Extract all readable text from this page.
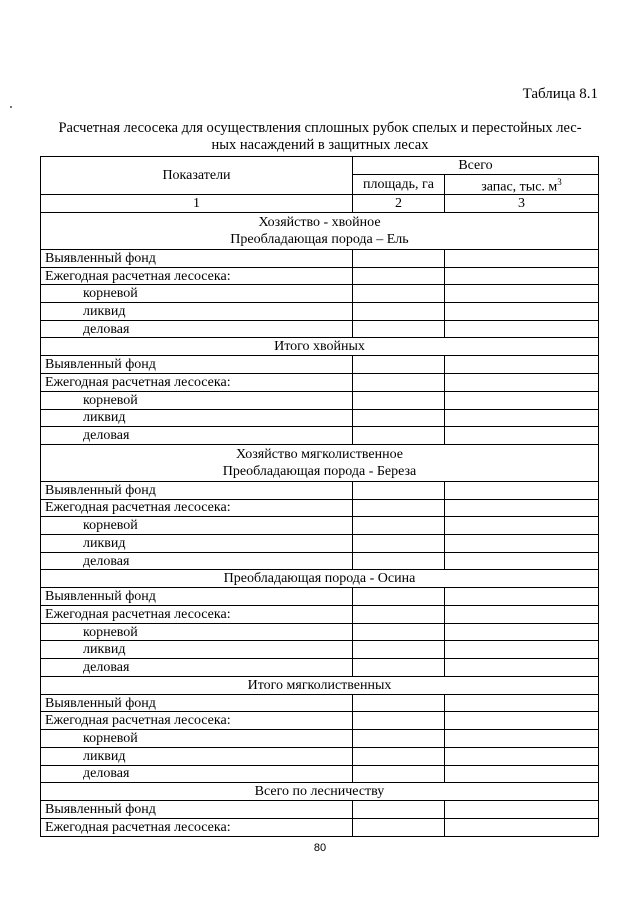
Таблица 8.1
Расчетная лесосека для осуществления сплошных рубок спелых и перестойных лес-
ных насаждений в защитных лесах
Показатели	Всего	
	площадь, га	запас, тыс. $м^3$
1	2	3

Хозяйство - хвойное
Преобладающая порода – Ель		

Выявленный фонд		
Ежегодная расчетная лесосека:		
корневой		
ликвид		
деловая		
Итого хвойных		
Выявленный фонд		
Ежегодная расчетная лесосека:		
корневой		
ликвид		
деловая		

Хозяйство мягколиственное
Преобладающая порода - Береза		

Выявленный фонд		
Ежегодная расчетная лесосека:		
корневой		
ликвид		
деловая		
Преобладающая порода - Осина		
Выявленный фонд		
Ежегодная расчетная лесосека:		
корневой		
ликвид		
деловая		
Итого мягколиственных		
Выявленный фонд		
Ежегодная расчетная лесосека:		
корневой		
ликвид		
деловая		
Всего по лесничеству		
Выявленный фонд		
Ежегодная расчетная лесосека:		
80
